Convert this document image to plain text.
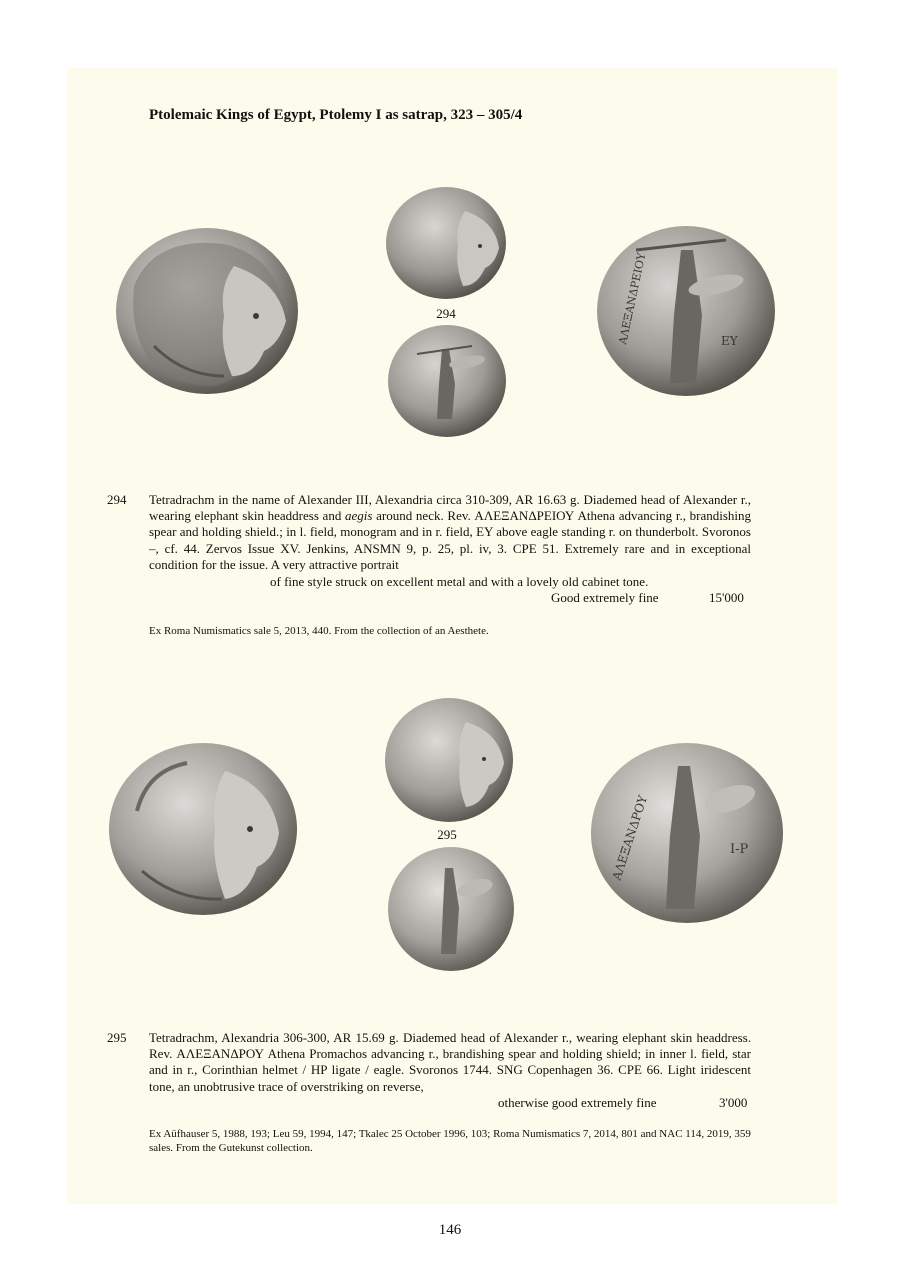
Ptolemaic Kings of Egypt, Ptolemy I as satrap, 323 – 305/4
294	ΑΛΕΞΑΝΔΡΕΙΟΥ	ΕΥ
294 Tetradrachm in the name of Alexander III, Alexandria circa 310-309, AR 16.63 g. Diademed head of Alexander r., wearing elephant skin headdress and aegis around neck. Rev. ΑΛΕΞΑΝΔΡΕΙΟΥ Athena advancing r., brandishing spear and holding shield.; in l. field, monogram and in r. field, EY above eagle standing r. on thunderbolt. Svoronos –, cf. 44. Zervos Issue XV. Jenkins, ANSMN 9, p. 25, pl. iv, 3. CPE 51. Extremely rare and in exceptional condition for the issue. A very attractive portrait

of fine style struck on excellent metal and with a lovely old cabinet tone.
Good extremely fine	15'000

Ex Roma Numismatics sale 5, 2013, 440. From the collection of an Aesthete.

295
Ι-Ρ
ΑΛΕΞΑΝΔΡΟΥ
295 Tetradrachm, Alexandria 306-300, AR 15.69 g. Diademed head of Alexander r., wearing elephant skin headdress. Rev. ΑΛΕΞΑΝΔΡΟΥ Athena Promachos advancing r., brandishing spear and holding shield; in inner l. field, star and in r., Corinthian helmet / HP ligate / eagle. Svoronos 1744. SNG Copenhagen 36. CPE 66. Light iridescent tone, an unobtrusive trace of overstriking on reverse,

otherwise good extremely fine	3'000

Ex Aüfhauser 5, 1988, 193; Leu 59, 1994, 147; Tkalec 25 October 1996, 103; Roma Numismatics 7, 2014, 801 and NAC 114, 2019, 359 sales. From the Gutekunst collection.

146
